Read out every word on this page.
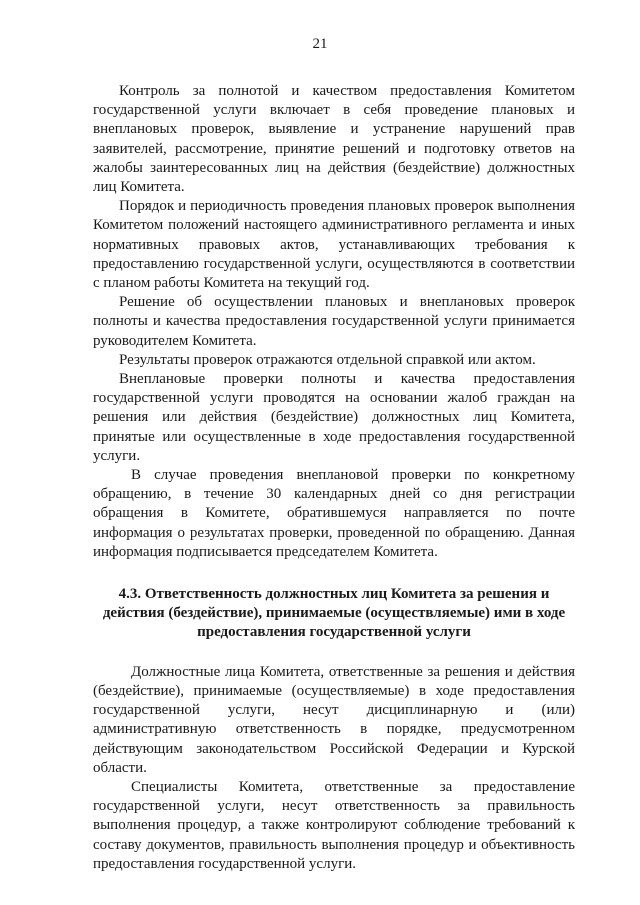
21

Контроль за полнотой и качеством предоставления Комитетом государственной услуги включает в себя проведение плановых и внеплановых проверок, выявление и устранение нарушений прав заявителей, рассмотрение, принятие решений и подготовку ответов на жалобы заинтересованных лиц на действия (бездействие) должностных лиц Комитета.

Порядок и периодичность проведения плановых проверок выполнения Комитетом положений настоящего административного регламента и иных нормативных правовых актов, устанавливающих требования к предоставлению государственной услуги, осуществляются в соответствии с планом работы Комитета на текущий год.

Решение об осуществлении плановых и внеплановых проверок полноты и качества предоставления государственной услуги принимается руководителем Комитета.

Результаты проверок отражаются отдельной справкой или актом.

Внеплановые проверки полноты и качества предоставления государственной услуги проводятся на основании жалоб граждан на решения или действия (бездействие) должностных лиц Комитета, принятые или осуществленные в ходе предоставления государственной услуги.

В случае проведения внеплановой проверки по конкретному обращению, в течение 30 календарных дней со дня регистрации обращения в Комитете, обратившемуся направляется по почте информация о результатах проверки, проведенной по обращению. Данная информация подписывается председателем Комитета.

4.3. Ответственность должностных лиц Комитета за решения и действия (бездействие), принимаемые (осуществляемые) ими в ходе предоставления государственной услуги

Должностные лица Комитета, ответственные за решения и действия (бездействие), принимаемые (осуществляемые) в ходе предоставления государственной услуги, несут дисциплинарную и (или) административную ответственность в порядке, предусмотренном действующим законодательством Российской Федерации и Курской области.

Специалисты Комитета, ответственные за предоставление государственной услуги, несут ответственность за правильность выполнения процедур, а также контролируют соблюдение требований к составу документов, правильность выполнения процедур и объективность предоставления государственной услуги.
